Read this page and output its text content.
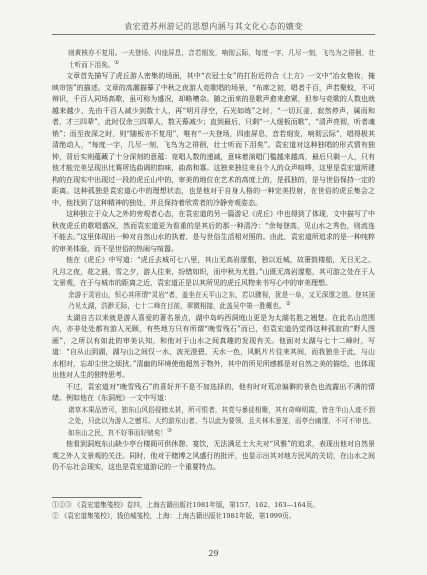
袁宏道苏州游记的思想内涵与其文化心态的嬗变

则黄核亦不复用。一夫登场，四座屏息，音若细发，响彻云际，每度一字，几尽一刻，飞鸟为之徘徊，壮士听而下泪矣。①

文章首先描写了虎丘游人密集的场面，其中“衣冠士女”的打扮近符合《上方》一文中“冶女艳妆，掩映帘箔”的描述。文章的高潮描摹了中秋之夜游人竞歌唱的场景，“布席之初，唱者千百，声若聚蚊，不可辩识，千百人同场高歌，虽可称为盛况，却略嘈杂。随之而来的是歌声愈来愈紧，但参与竞歌的人数也就越来越少，先由千百人减少到数十人，再“明月浮空，石光如练”之时，“一切瓦釜，寂然停声，属而和者，才三四辈”，此时仅余三四辈人，数天幕减少；直到最后，只剩“一人缓板而歌”，“清声亮彻，听者魂销”；而至夜深之时，则“随板亦不复用”，唯有“一夫登场，四座屏息，音若细发，响彻云际”，唱得极其清绝动人，“每度一字，几尽一刻，飞鸟为之徘徊，壮士听而下泪矣”。袁宏道对这种独唱的形式情有独钟，背后实则蕴藏了十分深刻的意蕴：竞唱人数的递减，意味着演唱门槛越来越高，最后只剩一人，只有他才能完美呈现出比赛所选曲调的韵味，曲高和寡。这独来独往来自个人的众声喧哗，这里是袁宏道所建构的在现实中出现过一段的虎丘山中的，审美的地位在艺术的高度上的，是孤独的，是与世俗保持一定的距离。这种孤独是袁宏道心中的理想状态，也是他对于自身人格的一种完美投射，在世俗的虎丘集会之中，他找到了这种精神的独处，并且保持着欣赏者的冷静旁观姿态。

这种独立于众人之外的旁观者心态，在袁宏道的另一篇游记《虎丘》中也得到了体现，文中描写了中秋夜虎丘的歌唱盛况，然而袁宏道更为看重的是其后的那一种清冷：“余每登高，见山水之秀色，则流连不能去。”这里体现出一种对自然山水的执着，是与世俗生活相对照的。由此，袁宏道所追求的是一种纯粹的审美体验，而不是世俗的热闹与喧嚣。

他在《虎丘》中写道：“虎丘去城可七八里，其山无高岩邃壑，独以近城，故箫鼓楼船，无日无之。凡月之夜，花之晨，雪之夕，游人往来，纷错如织，而中秋为尤胜。”山既无高岩邃壑，其可游之处在于人文景观，在于与城市的距离之近，袁宏道正是以其所见的虎丘风物来书写心中的审美理想。

余游于灵岩山，恒心其所谓“灵岩”者，盖坐在天平山之东，若以骤视，犹是一阜，又无深邃之胜。登其顶乃见太湖，浩渺无际，七十二峰在目前，翠微相接，此盖吴中第一胜概也。②

太湖自古以来就是游人喜爱的著名景点，湖中岛屿西洞庭山更是为太湖名胜之翘楚。在此名山范围内，亦非处处都有游人光顾，有些地方只有所谓“晚雪残石”而已，但袁宏道仍觉得这种孤寂的“野人图画”，之所以有如此的审美认知，和他对于山水之间真趣的发现有关。他面对太湖与七十二峰时，写道：“自从山到湖，湖与山之间仅一水，波光澄碧，天水一色，风帆片片往来其间，而我独坐于此，与山水相对，忘却尘世之烦扰。”清幽的环境使他超然于物外，其中的所见所感都是对自然之美的描绘，也体现出他对人生的独特思考。

不过，袁宏道对“晚雪残石”的喜好并不是不加选择的，他有时对荒凉偏僻的景色也流露出不满的情绪。例如他在《东洞庭》一文中写道：

诸草木果品皆可，独东山风俗侵赌太甚，所可恨者，其党与暴徒相聚，其有奇峰明霞，皆在半山人迹不到之处，只此以为游人之憾耳。大约游东山者，当以此为要领，且夫林木葱茏，而亭台幽邃，不可不审也。如东山之民，真不好事而好赌矣！③

他看到洞庭东山缺少亭台楼阁可供休憩、宴饮，无法满足士大夫对“风雅”的追求，表现出他对自然景观之外人文景观的关注。同时，他对于赌博之风盛行的批评，也显示出其对地方民风的关切，在山水之间仍不忘社会现实，这也是袁宏道游记的一个重要特点。

①②③ 《袁宏道集笺校》卷四，上海古籍出版社1981年版，第157、162、163—164页。

② 《袁宏道集笺校》，钱伯城笺校，上海：上海古籍出版社1981年版，第1999页。

29
